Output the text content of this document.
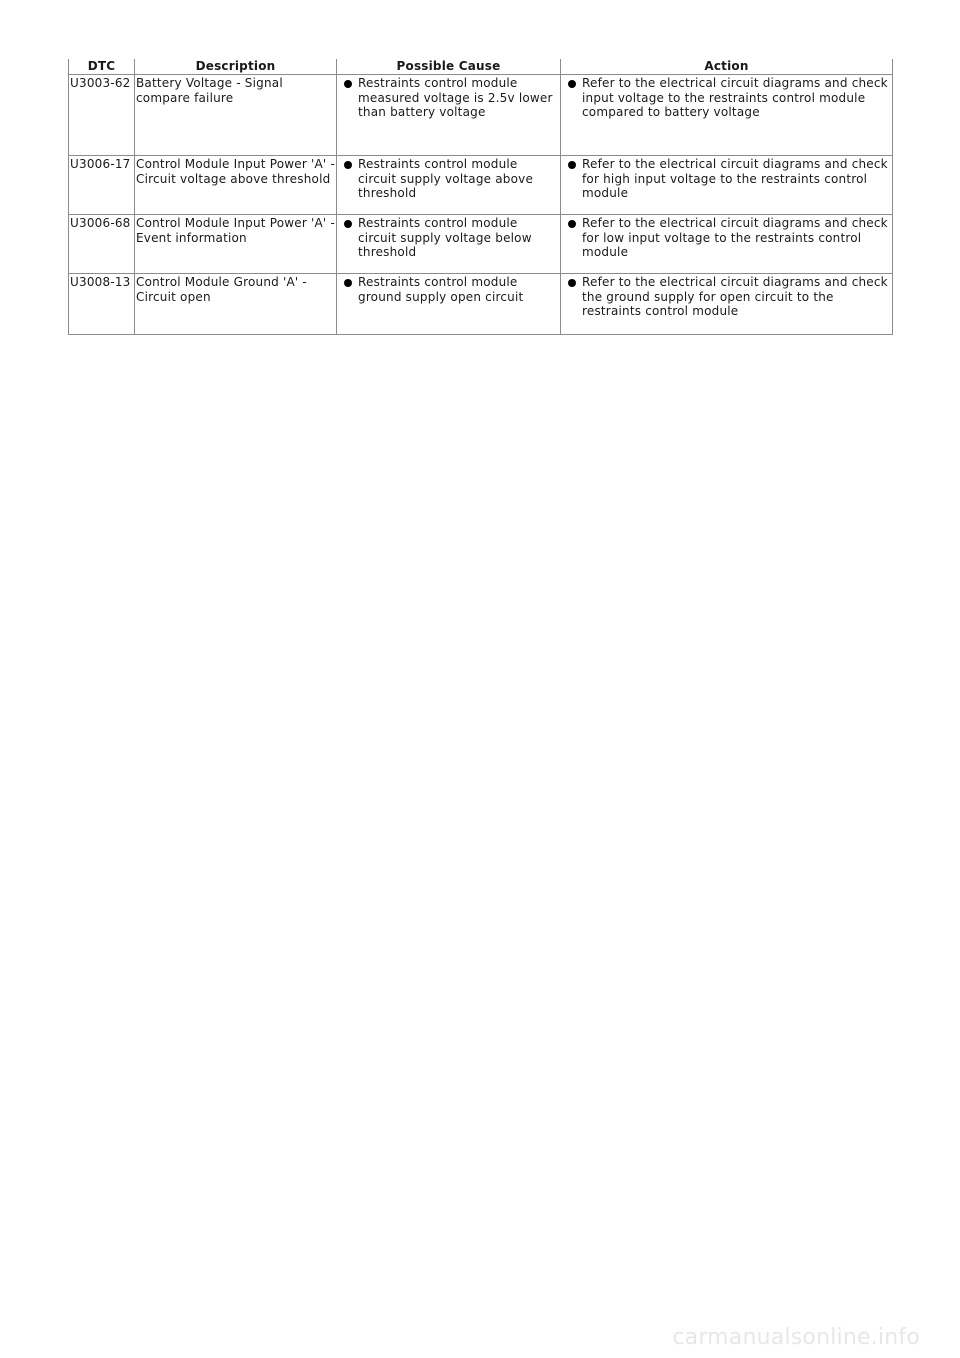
DTC	Description	Possible Cause	Action
U3003-62	Battery Voltage - Signal compare failure	Restraints control module measured voltage is 2.5v lower than battery voltage	Refer to the electrical circuit diagrams and check input voltage to the restraints control module compared to battery voltage

U3006-17	Control Module Input Power 'A' - Circuit voltage above threshold	Restraints control module circuit supply voltage above threshold	Refer to the electrical circuit diagrams and check for high input voltage to the restraints control module

U3006-68	Control Module Input Power 'A' - Event information	Restraints control module circuit supply voltage below threshold	Refer to the electrical circuit diagrams and check for low input voltage to the restraints control module

U3008-13	Control Module Ground 'A' - Circuit open	Restraints control module ground supply open circuit	Refer to the electrical circuit diagrams and check the ground supply for open circuit to the restraints control module
carmanualsonline.info
